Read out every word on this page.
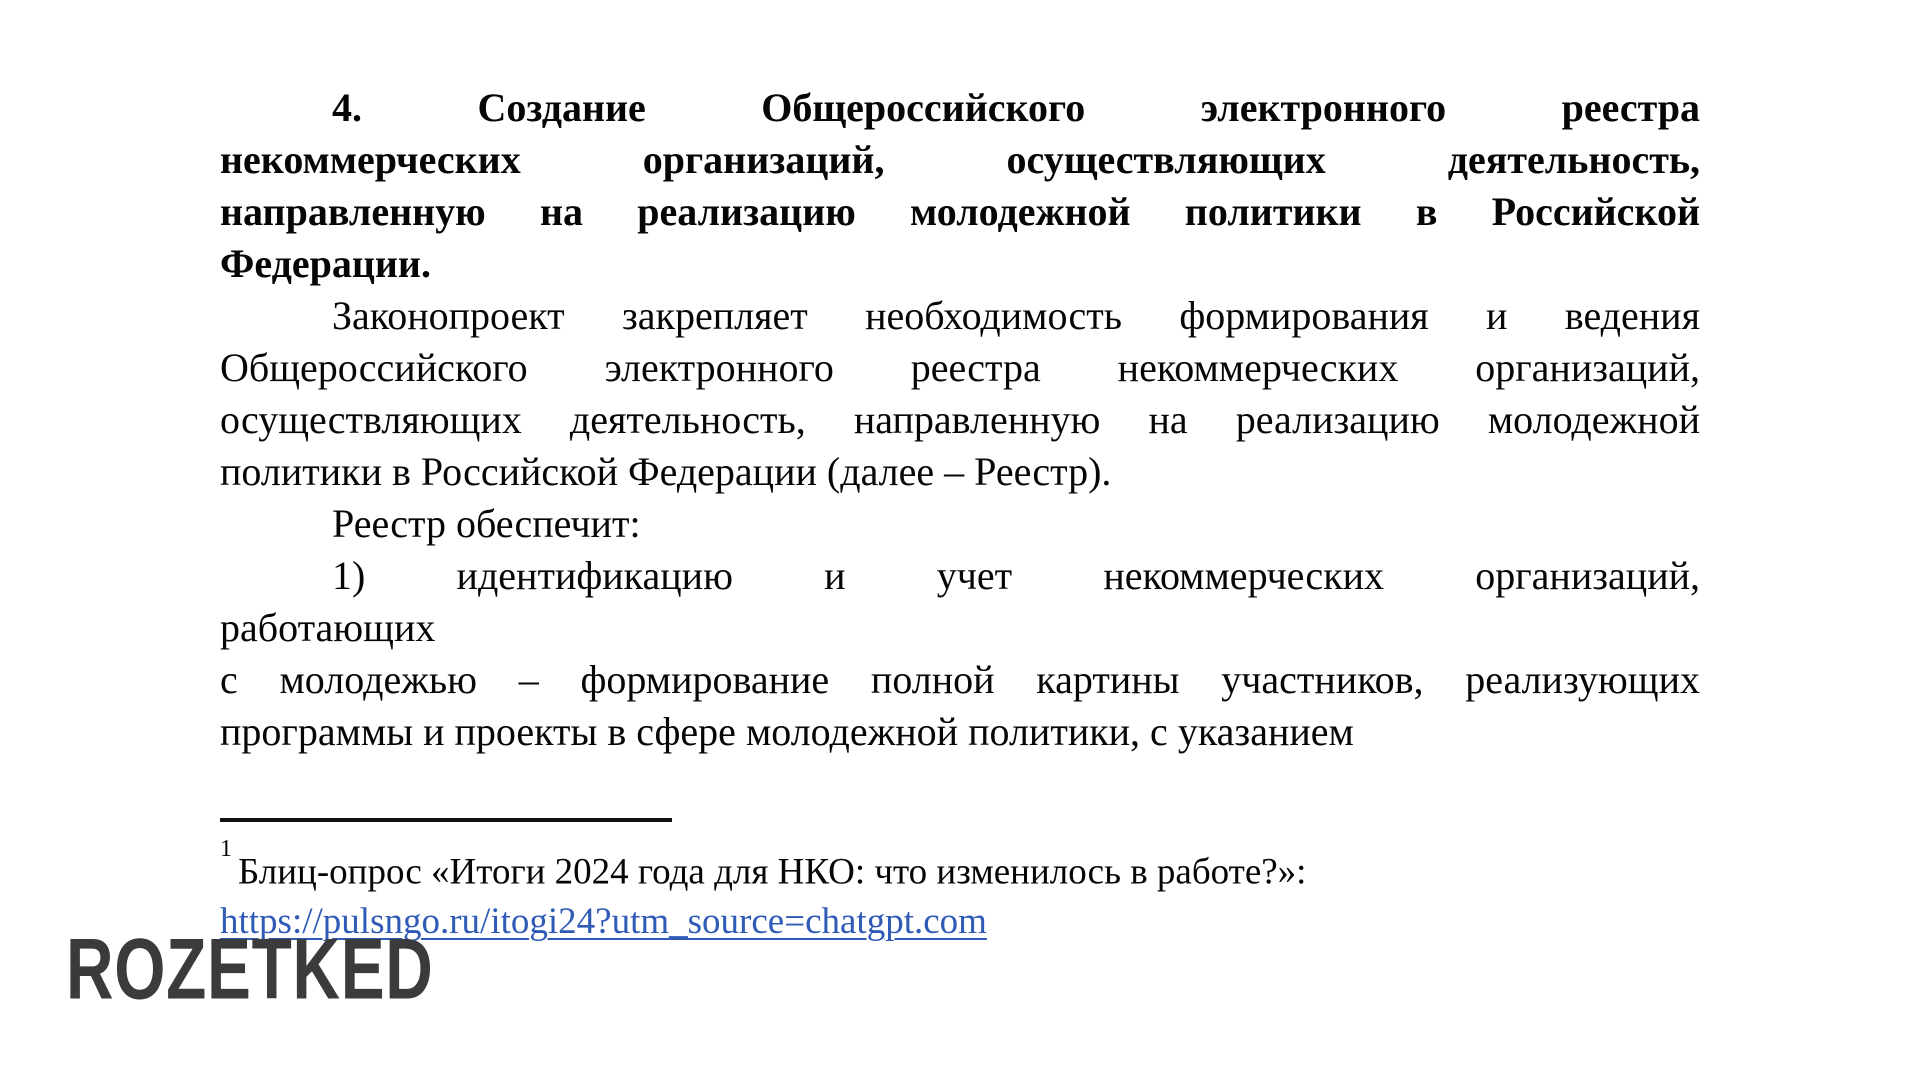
4. Создание Общероссийского электронного реестра
некоммерческих организаций, осуществляющих деятельность,
направленную на реализацию молодежной политики в Российской
Федерации.
Законопроект закрепляет необходимость формирования и ведения
Общероссийского электронного реестра некоммерческих организаций,
осуществляющих деятельность, направленную на реализацию молодежной
политики в Российской Федерации (далее – Реестр).
Реестр обеспечит:
1) идентификацию и учет некоммерческих организаций,
работающих
с молодежью – формирование полной картины участников, реализующих
программы и проекты в сфере молодежной политики, с указанием
$^1$Блиц-опрос «Итоги 2024 года для НКО: что изменилось в работе?»:
https://pulsngo.ru/itogi24?utm_source=chatgpt.com
ROZETKED
